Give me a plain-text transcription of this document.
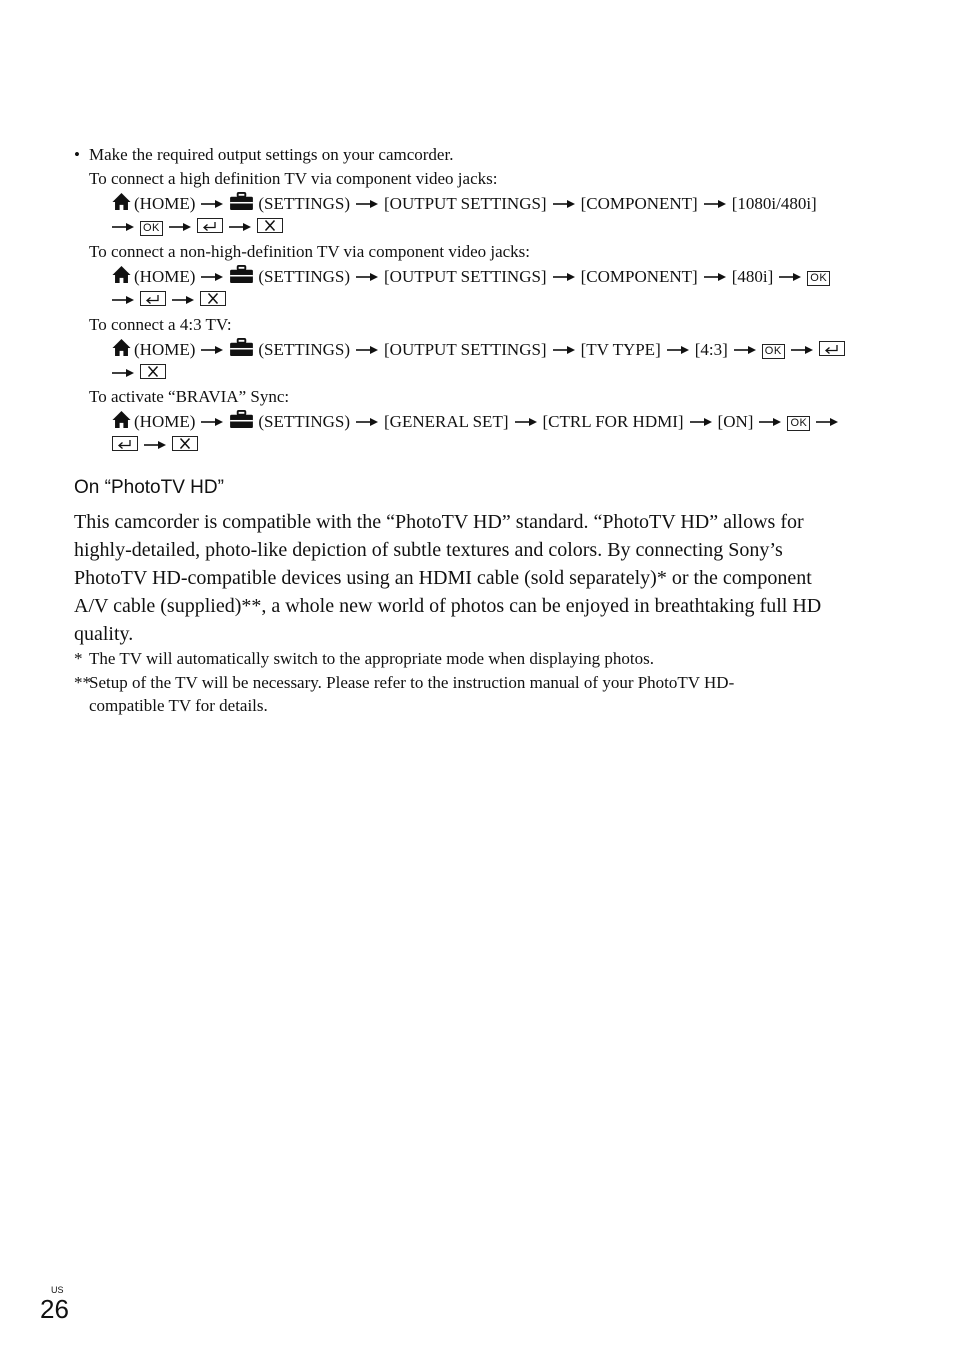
• Make the required output settings on your camcorder.
To connect a high definition TV via component video jacks:
(HOME)	(SETTINGS) [OUTPUT SETTINGS] [COMPONENT] [1080i/480i]
OK
To connect a non-high-definition TV via component video jacks:
(HOME)	(SETTINGS) [OUTPUT SETTINGS] [COMPONENT] [480i]	OK

To connect a 4:3 TV:
(HOME)	(SETTINGS) [OUTPUT SETTINGS] [TV TYPE] [4:3]	OK

To activate “BRAVIA” Sync:
(HOME)	(SETTINGS) [GENERAL SET] [CTRL FOR HDMI] [ON]	OK

On “PhotoTV HD”
This camcorder is compatible with the “PhotoTV HD” standard. “PhotoTV HD” allows for
highly-detailed, photo-like depiction of subtle textures and colors. By connecting Sony’s
PhotoTV HD-compatible devices using an HDMI cable (sold separately)* or the component
A/V cable (supplied)**, a whole new world of photos can be enjoyed in breathtaking full HD
quality.
* The TV will automatically switch to the appropriate mode when displaying photos.
**
Setup of the TV will be necessary. Please refer to the instruction manual of your PhotoTV HD-
compatible TV for details.
US
26
